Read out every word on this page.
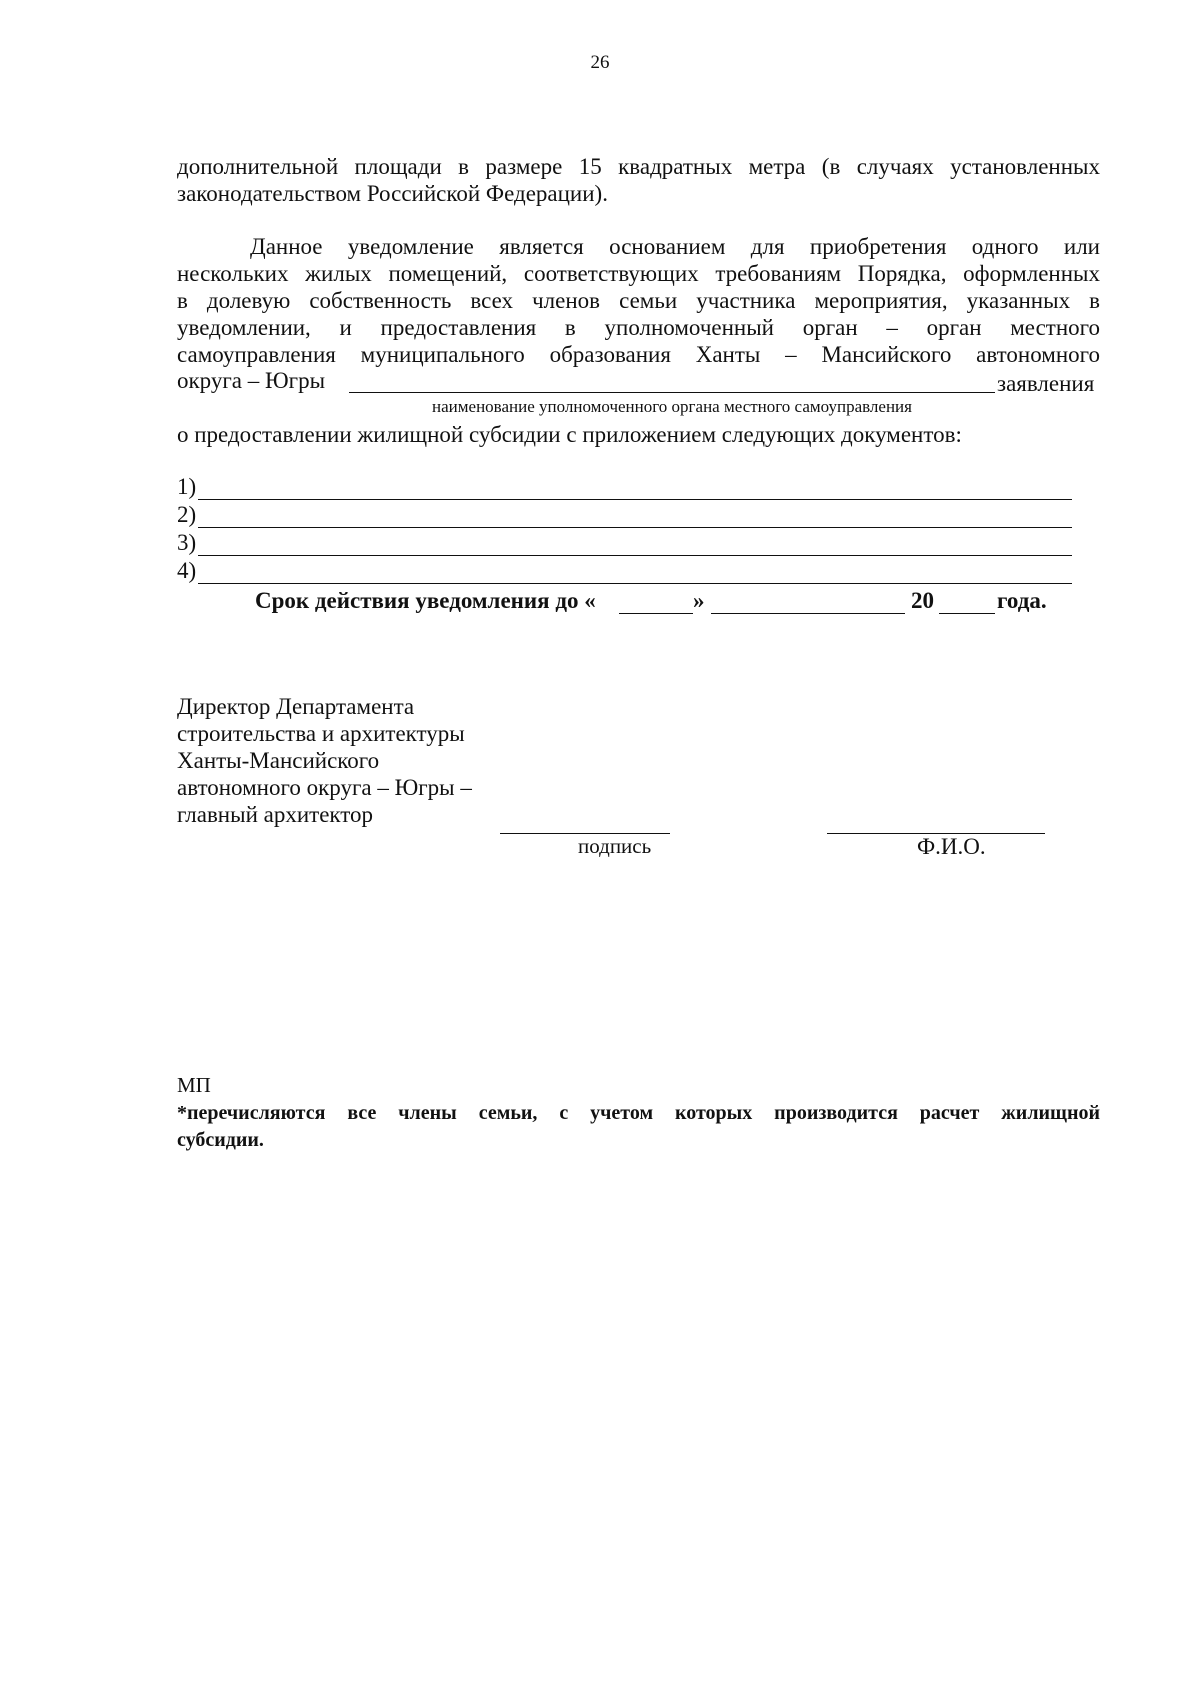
26
дополнительной площади в размере 15 квадратных метра (в случаях установленных
законодательством Российской Федерации).
Данное уведомление является основанием для приобретения одного или
нескольких жилых помещений, соответствующих требованиям Порядка, оформленных
в долевую собственность всех членов семьи участника мероприятия, указанных в
уведомлении, и предоставления в уполномоченный орган – орган местного
самоуправления муниципального образования Ханты – Мансийского автономного
округа – Югры	заявления
наименование уполномоченного органа местного самоуправления
о предоставлении жилищной субсидии с приложением следующих документов:
1)
2)
3)
4)
Срок действия уведомления до «	»	20	года.
Директор Департамента
строительства и архитектуры
Ханты-Мансийского
автономного округа – Югры –
главный архитектор
подпись	Ф.И.О.
МП
*перечисляются все члены семьи, с учетом которых производится расчет жилищной
субсидии.
